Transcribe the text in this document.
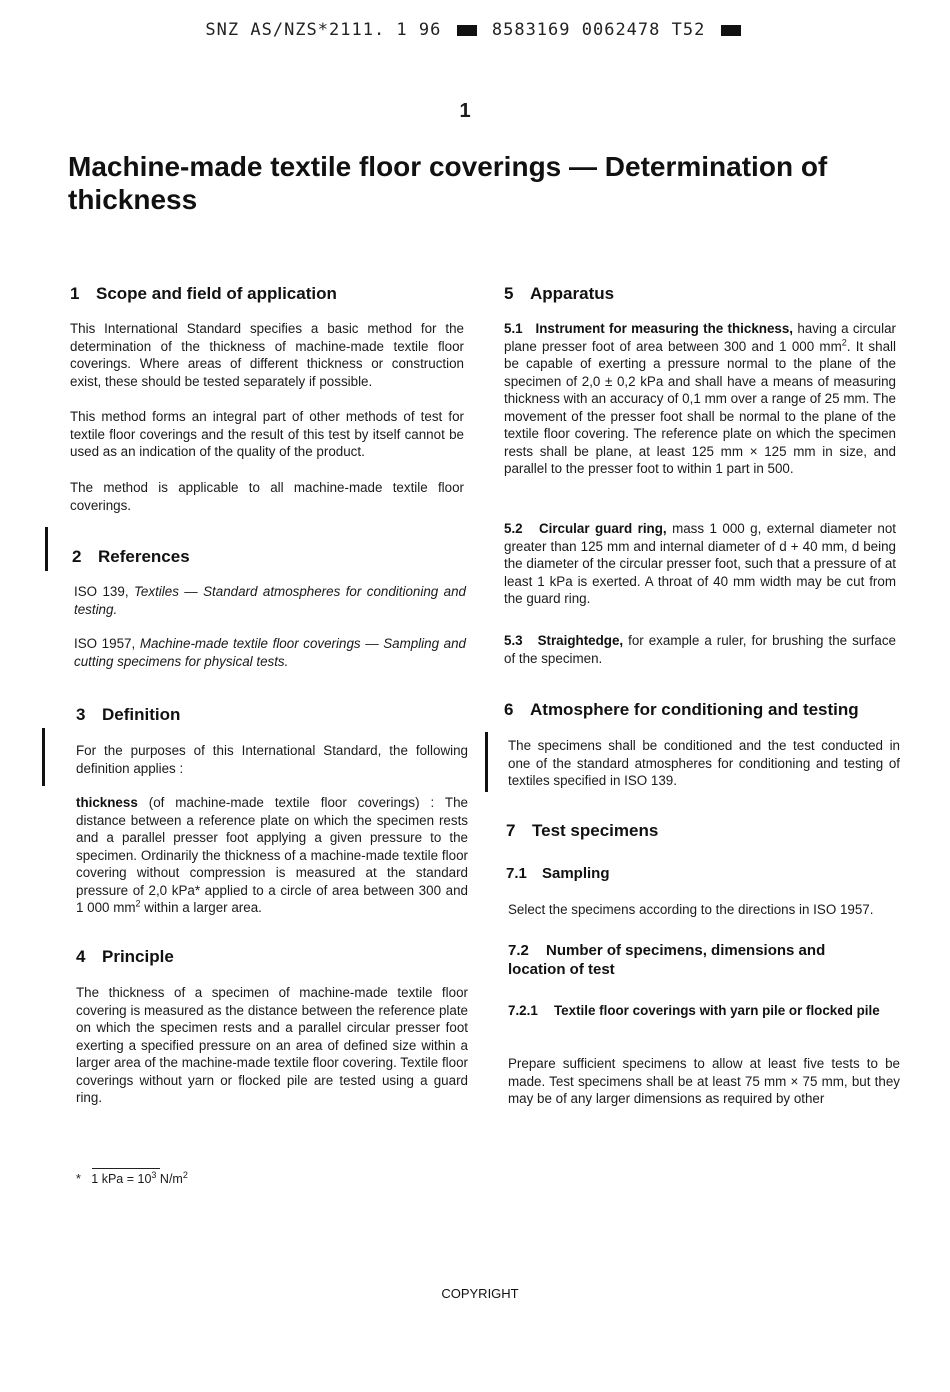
SNZ AS/NZS*2111. 1 96	8583169 0062478 T52
1
Machine-made textile floor coverings — Determination of thickness
1 Scope and field of application
This International Standard specifies a basic method for the determination of the thickness of machine-made textile floor coverings. Where areas of different thickness or construction exist, these should be tested separately if possible.
This method forms an integral part of other methods of test for textile floor coverings and the result of this test by itself cannot be used as an indication of the quality of the product.
The method is applicable to all machine-made textile floor coverings.
2 References
ISO 139, Textiles — Standard atmospheres for conditioning and testing.
ISO 1957, Machine-made textile floor coverings — Sampling and cutting specimens for physical tests.
3 Definition
For the purposes of this International Standard, the following definition applies :
thickness (of machine-made textile floor coverings) : The distance between a reference plate on which the specimen rests and a parallel presser foot applying a given pressure to the specimen. Ordinarily the thickness of a machine-made textile floor covering without compression is measured at the standard pressure of 2,0 kPa* applied to a circle of area between 300 and 1 000 $mm^2$ within a larger area.
4 Principle
The thickness of a specimen of machine-made textile floor covering is measured as the distance between the reference plate on which the specimen rests and a parallel circular presser foot exerting a specified pressure on an area of defined size within a larger area of the machine-made textile floor covering. Textile floor coverings without yarn or flocked pile are tested using a guard ring.
* 1 kPa = $10^3$ $N/m^2$
5 Apparatus
5.1 Instrument for measuring the thickness, having a circular plane presser foot of area between 300 and 1 000 $mm^2$. It shall be capable of exerting a pressure normal to the plane of the specimen of 2,0 ± 0,2 kPa and shall have a means of measuring thickness with an accuracy of 0,1 mm over a range of 25 mm. The movement of the presser foot shall be normal to the plane of the textile floor covering. The reference plate on which the specimen rests shall be plane, at least 125 mm × 125 mm in size, and parallel to the presser foot to within 1 part in 500.
5.2 Circular guard ring, mass 1 000 g, external diameter not greater than 125 mm and internal diameter of d + 40 mm, d being the diameter of the circular presser foot, such that a pressure of at least 1 kPa is exerted. A throat of 40 mm width may be cut from the guard ring.
5.3 Straightedge, for example a ruler, for brushing the surface of the specimen.
6 Atmosphere for conditioning and testing
The specimens shall be conditioned and the test conducted in one of the standard atmospheres for conditioning and testing of textiles specified in ISO 139.
7 Test specimens
7.1 Sampling
Select the specimens according to the directions in ISO 1957.
7.2 Number of specimens, dimensions and location of test
7.2.1 Textile floor coverings with yarn pile or flocked pile
Prepare sufficient specimens to allow at least five tests to be made. Test specimens shall be at least 75 mm × 75 mm, but they may be of any larger dimensions as required by other
COPYRIGHT
